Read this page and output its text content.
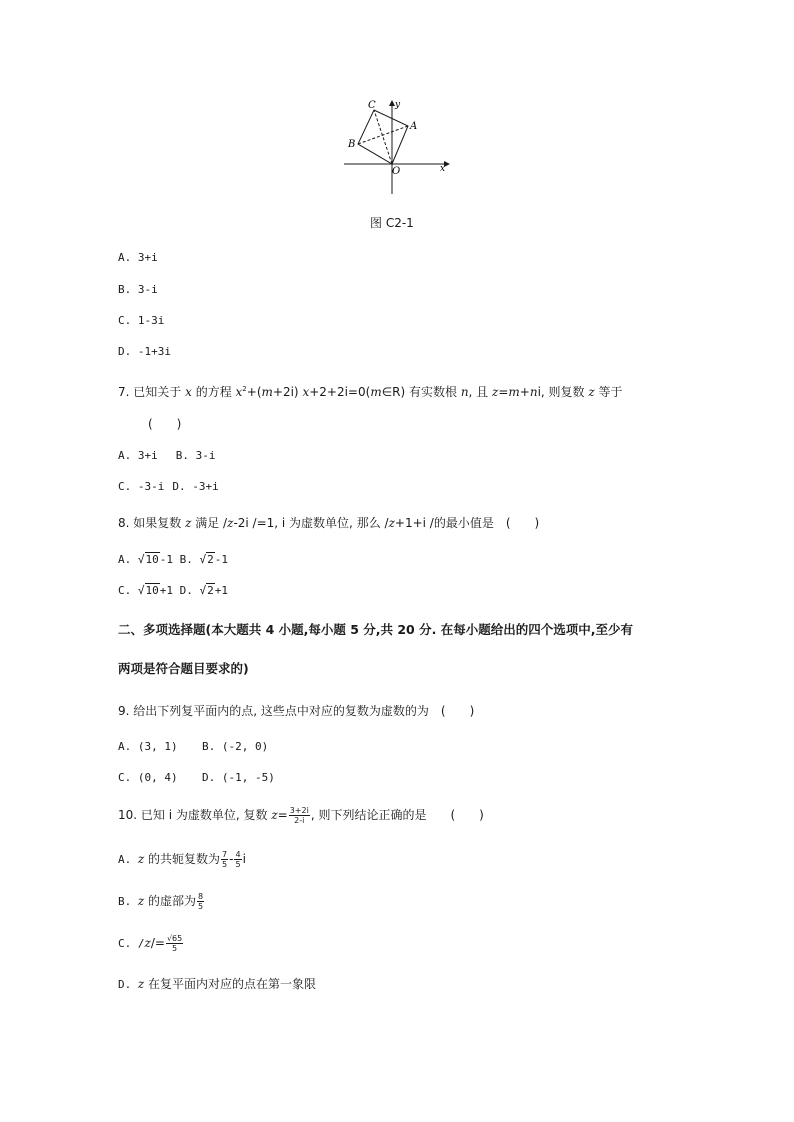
C y
A
B
O	x
图 C2-1
A. 3+i
B. 3-i
C. 1-3i
D. -1+3i
7. 已知关于 x 的方程 $x^2+(m+2i)$ x+2+2i=0(m∈R) 有实数根 n, 且 z=m+ni, 则复数 z 等于
(　　)
A. 3+i B. 3-i
C. -3-i D. -3+i
8. 如果复数 z 满足 /z-2i /=1, i 为虚数单位, 那么 /z+1+i /的最小值是　(　　)
A. √10-1 B. √2-1
C. √10+1 D. √2+1
二、多项选择题(本大题共 4 小题,每小题 5 分,共 20 分. 在每小题给出的四个选项中,至少有
两项是符合题目要求的)
9. 给出下列复平面内的点, 这些点中对应的复数为虚数的为　(　　)
A. (3, 1) B. (-2, 0)
C. (0, 4) D. (-1, -5)
10. 已知 i 为虚数单位, 复数 $z= \frac{3+2i}{2-i}$ , 则下列结论正确的是　　(　　)
A. z 的共轭复数为 $\frac{7}{5} - \frac{4}{5}$ i
B. z 的虚部为 $\frac{8}{5}$
C. $/z/= \frac{√65}{5}$
D. z 在复平面内对应的点在第一象限
